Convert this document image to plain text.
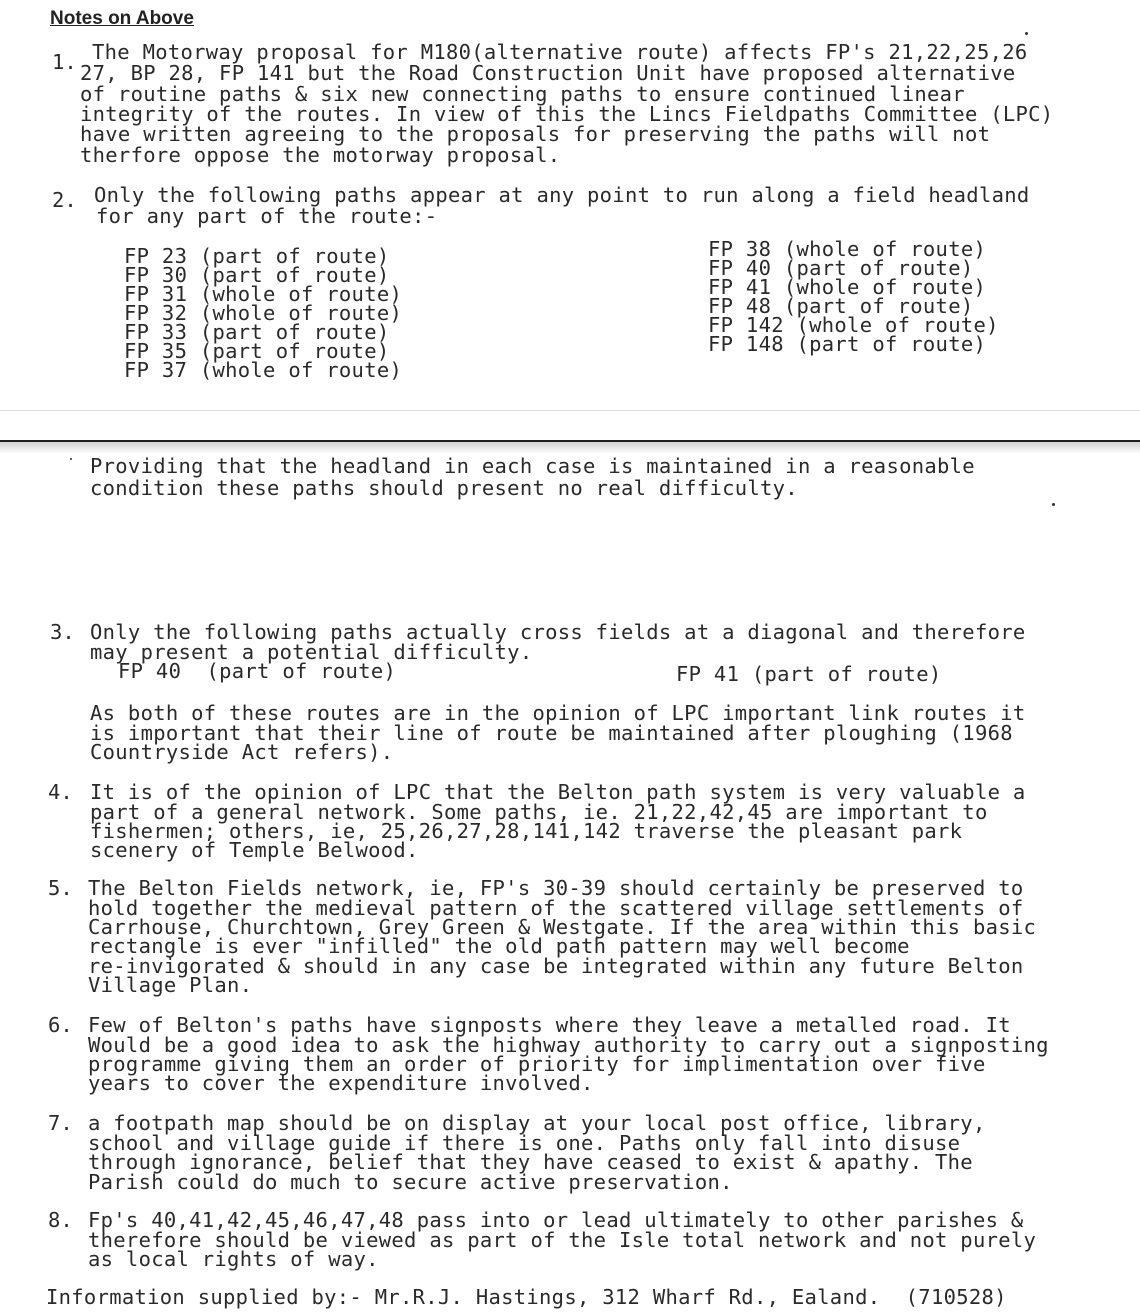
Notes on Above
1. The Motorway proposal for M180(alternative route) affects FP's 21,22,25,26
27, BP 28, FP 141 but the Road Construction Unit have proposed alternative
of routine paths & six new connecting paths to ensure continued linear
integrity of the routes. In view of this the Lincs Fieldpaths Committee (LPC)
have written agreeing to the proposals for preserving the paths will not
therfore oppose the motorway proposal.
2. Only the following paths appear at any point to run along a field headland
for any part of the route:-
FP 23 (part of route)
FP 30 (part of route)
FP 31 (whole of route)
FP 32 (whole of route)
FP 33 (part of route)
FP 35 (part of route)
FP 37 (whole of route)
FP 38 (whole of route)
FP 40 (part of route)
FP 41 (whole of route)
FP 48 (part of route)
FP 142 (whole of route)
FP 148 (part of route)
Providing that the headland in each case is maintained in a reasonable
condition these paths should present no real difficulty.
3. Only the following paths actually cross fields at a diagonal and therefore
may present a potential difficulty.
FP 40  (part of route)	FP 41 (part of route)
As both of these routes are in the opinion of LPC important link routes it
is important that their line of route be maintained after ploughing (1968
Countryside Act refers).
4. It is of the opinion of LPC that the Belton path system is very valuable a
part of a general network. Some paths, ie. 21,22,42,45 are important to
fishermen; others, ie, 25,26,27,28,141,142 traverse the pleasant park
scenery of Temple Belwood.
5. The Belton Fields network, ie, FP's 30-39 should certainly be preserved to
hold together the medieval pattern of the scattered village settlements of
Carrhouse, Churchtown, Grey Green & Westgate. If the area within this basic
rectangle is ever "infilled" the old path pattern may well become
re-invigorated & should in any case be integrated within any future Belton
Village Plan.
6. Few of Belton's paths have signposts where they leave a metalled road. It
Would be a good idea to ask the highway authority to carry out a signposting
programme giving them an order of priority for implimentation over five
years to cover the expenditure involved.
7. a footpath map should be on display at your local post office, library,
school and village guide if there is one. Paths only fall into disuse
through ignorance, belief that they have ceased to exist & apathy. The
Parish could do much to secure active preservation.
8. Fp's 40,41,42,45,46,47,48 pass into or lead ultimately to other parishes &
therefore should be viewed as part of the Isle total network and not purely
as local rights of way.
Information supplied by:- Mr.R.J. Hastings, 312 Wharf Rd., Ealand.  (710528)
